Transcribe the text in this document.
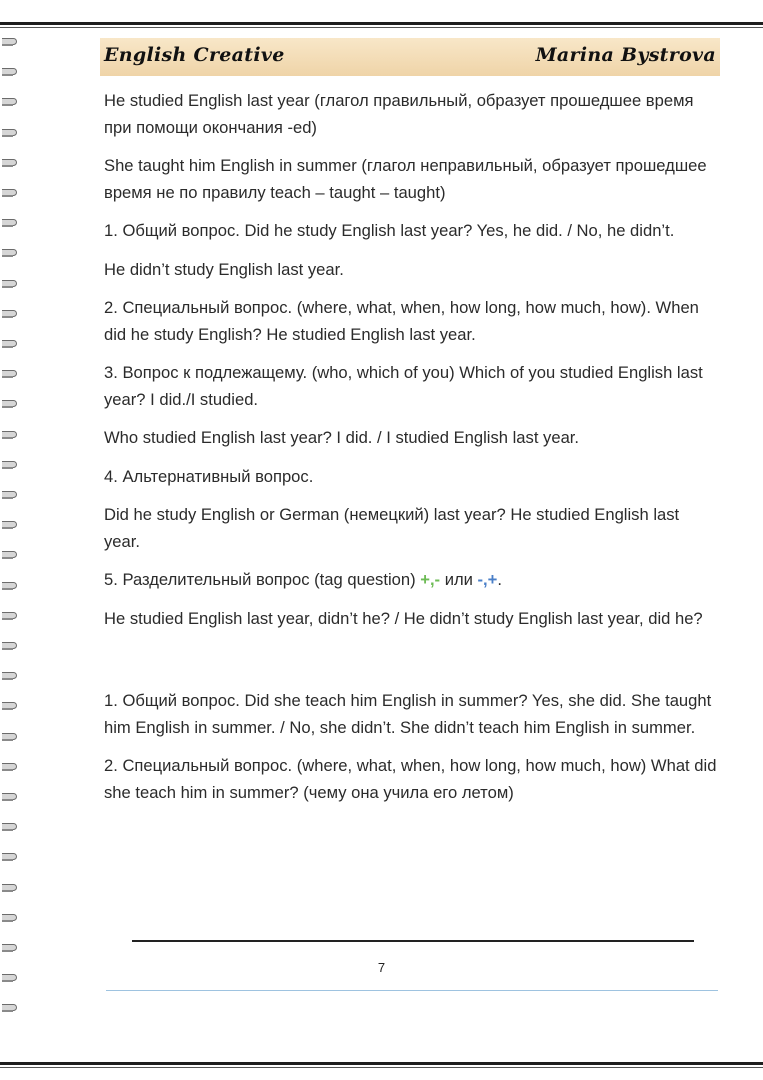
English Creative	Marina Bystrova

He studied English last year (глагол правильный, образует прошедшее время при помощи окончания -ed)

She taught him English in summer (глагол неправильный, образует прошедшее время не по правилу teach – taught – taught)

1. Общий вопрос. Did he study English last year? Yes, he did. / No, he didn’t.

He didn’t study English last year.

2. Специальный вопрос. (where, what, when, how long, how much, how). When did he study English? He studied English last year.

3. Вопрос к подлежащему. (who, which of you) Which of you studied English last year? I did./I studied.

Who studied English last year? I did. / I studied English last year.

4. Альтернативный вопрос.

Did he study English or German (немецкий) last year? He studied English last year.

5. Разделительный вопрос (tag question) +,- или -,+.

He studied English last year, didn’t he? / He didn’t study English last year, did he?

1. Общий вопрос. Did she teach him English in summer? Yes, she did. She taught him English in summer. / No, she didn’t. She didn’t teach him English in summer.

2. Специальный вопрос. (where, what, when, how long, how much, how) What did she teach him in summer? (чему она учила его летом)

7
